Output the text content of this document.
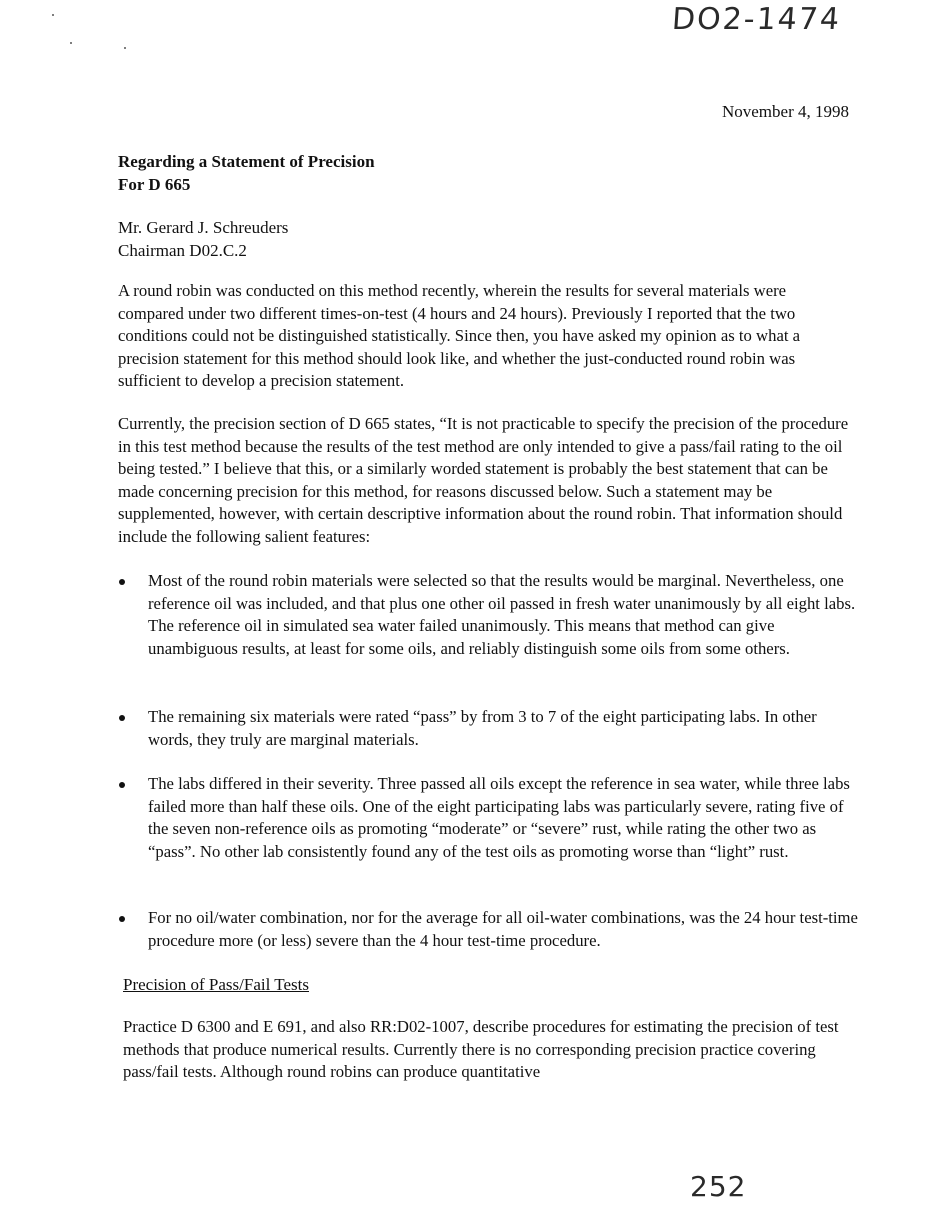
DO2-1474
November 4, 1998
Regarding a Statement of Precision
For D 665
Mr. Gerard J. Schreuders
Chairman D02.C.2

A round robin was conducted on this method recently, wherein the results for several materials were compared under two different times-on-test (4 hours and 24 hours). Previously I reported that the two conditions could not be distinguished statistically. Since then, you have asked my opinion as to what a precision statement for this method should look like, and whether the just-conducted round robin was sufficient to develop a precision statement.

Currently, the precision section of D 665 states, “It is not practicable to specify the precision of the procedure in this test method because the results of the test method are only intended to give a pass/fail rating to the oil being tested.” I believe that this, or a similarly worded statement is probably the best statement that can be made concerning precision for this method, for reasons discussed below. Such a statement may be supplemented, however, with certain descriptive information about the round robin. That information should include the following salient features:

Most of the round robin materials were selected so that the results would be marginal. Nevertheless, one reference oil was included, and that plus one other oil passed in fresh water unanimously by all eight labs. The reference oil in simulated sea water failed unanimously. This means that method can give unambiguous results, at least for some oils, and reliably distinguish some oils from some others.
The remaining six materials were rated “pass” by from 3 to 7 of the eight participating labs. In other words, they truly are marginal materials.
The labs differed in their severity. Three passed all oils except the reference in sea water, while three labs failed more than half these oils. One of the eight participating labs was particularly severe, rating five of the seven non-reference oils as promoting “moderate” or “severe” rust, while rating the other two as “pass”. No other lab consistently found any of the test oils as promoting worse than “light” rust.
For no oil/water combination, nor for the average for all oil-water combinations, was the 24 hour test-time procedure more (or less) severe than the 4 hour test-time procedure.
Precision of Pass/Fail Tests

Practice D 6300 and E 691, and also RR:D02-1007, describe procedures for estimating the precision of test methods that produce numerical results. Currently there is no corresponding precision practice covering pass/fail tests. Although round robins can produce quantitative

252
